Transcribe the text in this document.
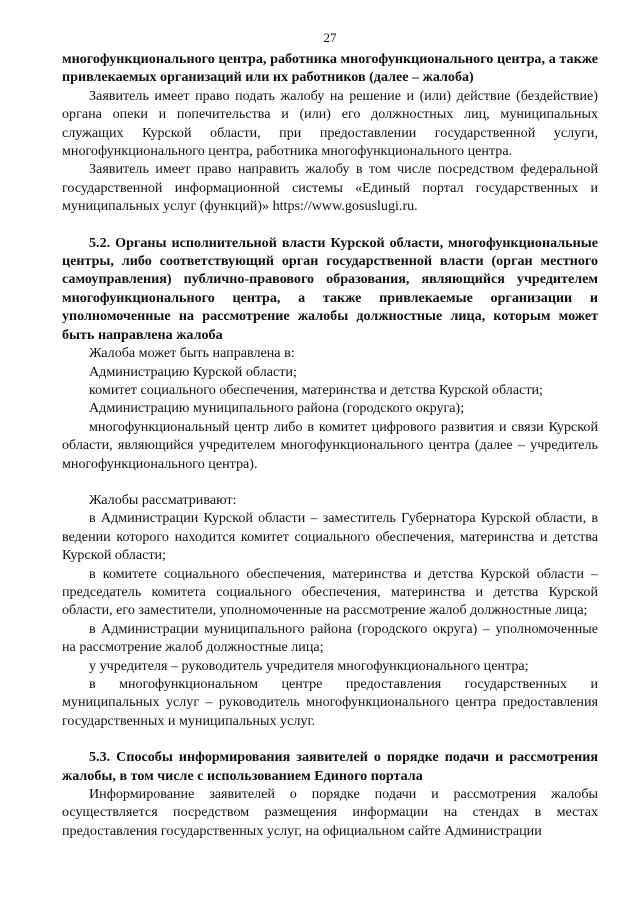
27

многофункционального центра, работника многофункционального центра, а также привлекаемых организаций или их работников (далее – жалоба)

Заявитель имеет право подать жалобу на решение и (или) действие (бездействие) органа опеки и попечительства и (или) его должностных лиц, муниципальных служащих Курской области, при предоставлении государственной услуги, многофункционального центра, работника многофункционального центра.

Заявитель имеет право направить жалобу в том числе посредством федеральной государственной информационной системы «Единый портал государственных и муниципальных услуг (функций)» https://www.gosuslugi.ru.

5.2. Органы исполнительной власти Курской области, многофункциональные центры, либо соответствующий орган государственной власти (орган местного самоуправления) публично-правового образования, являющийся учредителем многофункционального центра, а также привлекаемые организации и уполномоченные на рассмотрение жалобы должностные лица, которым может быть направлена жалоба

Жалоба может быть направлена в:

Администрацию Курской области;

комитет социального обеспечения, материнства и детства Курской области;

Администрацию муниципального района (городского округа);

многофункциональный центр либо в комитет цифрового развития и связи Курской области, являющийся учредителем многофункционального центра (далее – учредитель многофункционального центра).

Жалобы рассматривают:

в Администрации Курской области – заместитель Губернатора Курской области, в ведении которого находится комитет социального обеспечения, материнства и детства Курской области;

в комитете социального обеспечения, материнства и детства Курской области – председатель комитета социального обеспечения, материнства и детства Курской области, его заместители, уполномоченные на рассмотрение жалоб должностные лица;

в Администрации муниципального района (городского округа) – уполномоченные на рассмотрение жалоб должностные лица;

у учредителя – руководитель учредителя многофункционального центра;

в многофункциональном центре предоставления государственных и муниципальных услуг – руководитель многофункционального центра предоставления государственных и муниципальных услуг.

5.3. Способы информирования заявителей о порядке подачи и рассмотрения жалобы, в том числе с использованием Единого портала

Информирование заявителей о порядке подачи и рассмотрения жалобы осуществляется посредством размещения информации на стендах в местах предоставления государственных услуг, на официальном сайте Администрации
